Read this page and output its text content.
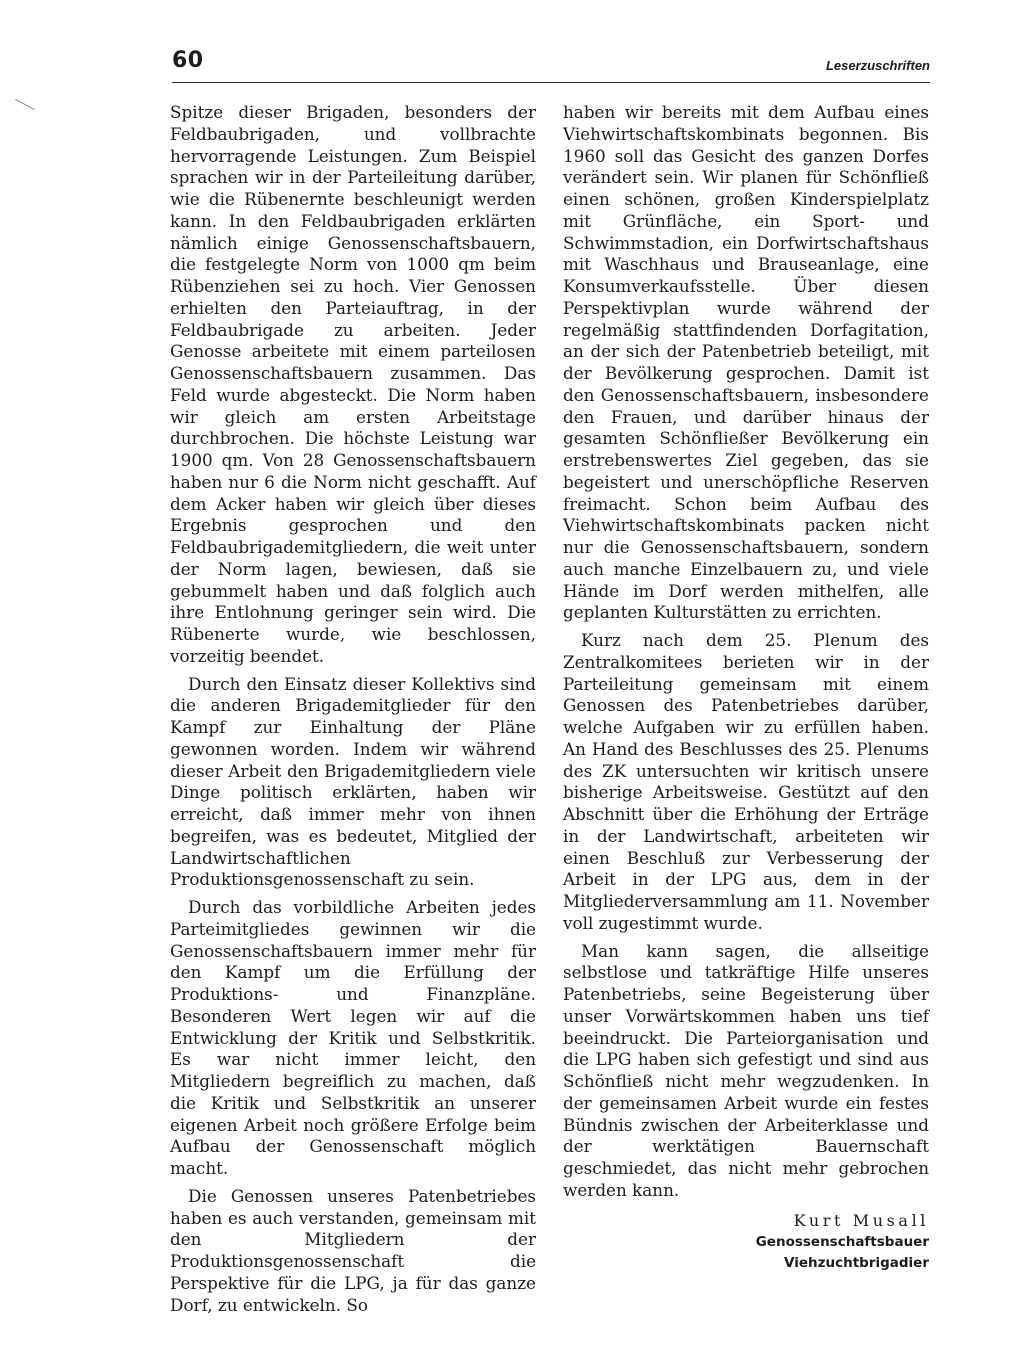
60	Leserzuschriften

Spitze dieser Brigaden, besonders der Feldbaubrigaden, und vollbrachte hervorragende Leistungen. Zum Beispiel sprachen wir in der Parteileitung darüber, wie die Rübenernte beschleunigt werden kann. In den Feldbaubrigaden erklärten nämlich einige Genossenschaftsbauern, die festgelegte Norm von 1000 qm beim Rübenziehen sei zu hoch. Vier Genossen erhielten den Parteiauftrag, in der Feldbaubrigade zu arbeiten. Jeder Genosse arbeitete mit einem parteilosen Genossenschaftsbauern zusammen. Das Feld wurde abgesteckt. Die Norm haben wir gleich am ersten Arbeitstage durchbrochen. Die höchste Leistung war 1900 qm. Von 28 Genossenschaftsbauern haben nur 6 die Norm nicht geschafft. Auf dem Acker haben wir gleich über dieses Ergebnis gesprochen und den Feldbaubrigademitgliedern, die weit unter der Norm lagen, bewiesen, daß sie gebummelt haben und daß folglich auch ihre Entlohnung geringer sein wird. Die Rübenerte wurde, wie beschlossen, vorzeitig beendet.

Durch den Einsatz dieser Kollektivs sind die anderen Brigademitglieder für den Kampf zur Einhaltung der Pläne gewonnen worden. Indem wir während dieser Arbeit den Brigademitgliedern viele Dinge politisch erklärten, haben wir erreicht, daß immer mehr von ihnen begreifen, was es bedeutet, Mitglied der Landwirtschaftlichen Produktionsgenossenschaft zu sein.

Durch das vorbildliche Arbeiten jedes Parteimitgliedes gewinnen wir die Genossenschaftsbauern immer mehr für den Kampf um die Erfüllung der Produktions- und Finanzpläne. Besonderen Wert legen wir auf die Entwicklung der Kritik und Selbstkritik. Es war nicht immer leicht, den Mitgliedern begreiflich zu machen, daß die Kritik und Selbstkritik an unserer eigenen Arbeit noch größere Erfolge beim Aufbau der Genossenschaft möglich macht.

Die Genossen unseres Patenbetriebes haben es auch verstanden, gemeinsam mit den Mitgliedern der Produktionsgenossenschaft die Perspektive für die LPG, ja für das ganze Dorf, zu entwickeln. So

haben wir bereits mit dem Aufbau eines Viehwirtschaftskombinats begonnen. Bis 1960 soll das Gesicht des ganzen Dorfes verändert sein. Wir planen für Schönfließ einen schönen, großen Kinderspielplatz mit Grünfläche, ein Sport- und Schwimmstadion, ein Dorfwirtschaftshaus mit Waschhaus und Brauseanlage, eine Konsumverkaufsstelle. Über diesen Perspektivplan wurde während der regelmäßig stattfindenden Dorfagitation, an der sich der Patenbetrieb beteiligt, mit der Bevölkerung gesprochen. Damit ist den Genossenschaftsbauern, insbesondere den Frauen, und darüber hinaus der gesamten Schönfließer Bevölkerung ein erstrebenswertes Ziel gegeben, das sie begeistert und unerschöpfliche Reserven freimacht. Schon beim Aufbau des Viehwirtschaftskombinats packen nicht nur die Genossenschaftsbauern, sondern auch manche Einzelbauern zu, und viele Hände im Dorf werden mithelfen, alle geplanten Kulturstätten zu errichten.

Kurz nach dem 25. Plenum des Zentralkomitees berieten wir in der Parteileitung gemeinsam mit einem Genossen des Patenbetriebes darüber, welche Aufgaben wir zu erfüllen haben. An Hand des Beschlusses des 25. Plenums des ZK untersuchten wir kritisch unsere bisherige Arbeitsweise. Gestützt auf den Abschnitt über die Erhöhung der Erträge in der Landwirtschaft, arbeiteten wir einen Beschluß zur Verbesserung der Arbeit in der LPG aus, dem in der Mitgliederversammlung am 11. November voll zugestimmt wurde.

Man kann sagen, die allseitige selbstlose und tatkräftige Hilfe unseres Patenbetriebs, seine Begeisterung über unser Vorwärtskommen haben uns tief beeindruckt. Die Parteiorganisation und die LPG haben sich gefestigt und sind aus Schönfließ nicht mehr wegzudenken. In der gemeinsamen Arbeit wurde ein festes Bündnis zwischen der Arbeiterklasse und der werktätigen Bauernschaft geschmiedet, das nicht mehr gebrochen werden kann.

Kurt Musall
Genossenschaftsbauer
Viehzuchtbrigadier
